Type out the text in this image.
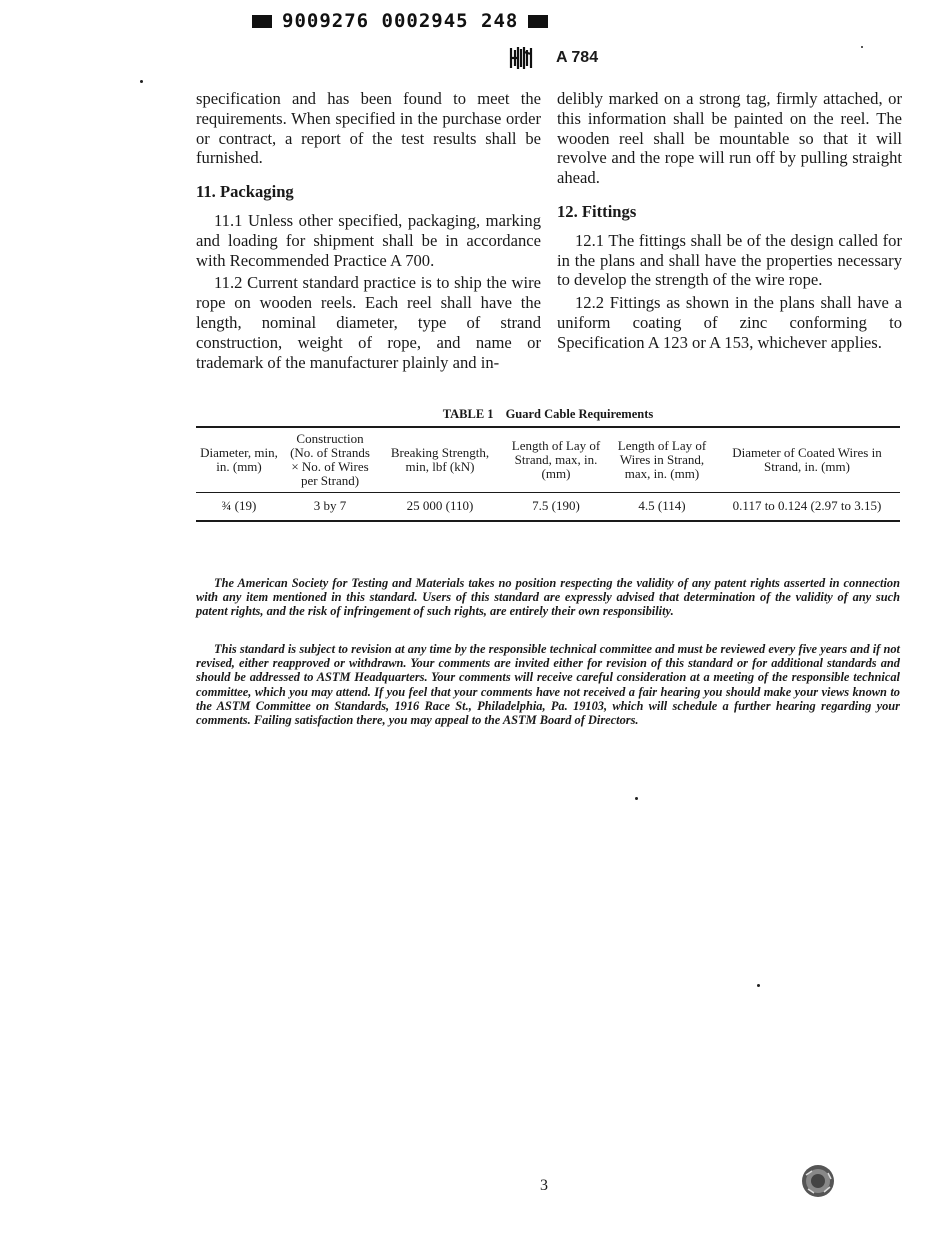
9009276 0002945 248
A 784

specification and has been found to meet the requirements. When specified in the purchase order or contract, a report of the test results shall be furnished.

11. Packaging

11.1 Unless other specified, packaging, marking and loading for shipment shall be in accordance with Recommended Practice A 700.

11.2 Current standard practice is to ship the wire rope on wooden reels. Each reel shall have the length, nominal diameter, type of strand construction, weight of rope, and name or trademark of the manufacturer plainly and in-

delibly marked on a strong tag, firmly attached, or this information shall be painted on the reel. The wooden reel shall be mountable so that it will revolve and the rope will run off by pulling straight ahead.

12. Fittings

12.1 The fittings shall be of the design called for in the plans and shall have the properties necessary to develop the strength of the wire rope.

12.2 Fittings as shown in the plans shall have a uniform coating of zinc conforming to Specification A 123 or A 153, whichever applies.

TABLE 1 Guard Cable Requirements
Diameter, min, in. (mm)	Construction (No. of Strands × No. of Wires per Strand)	Breaking Strength, min, lbf (kN)	Length of Lay of Strand, max, in. (mm)	Length of Lay of Wires in Strand, max, in. (mm)	Diameter of Coated Wires in Strand, in. (mm)
¾ (19)	3 by 7	25 000 (110)	7.5 (190)	4.5 (114)	0.117 to 0.124 (2.97 to 3.15)

The American Society for Testing and Materials takes no position respecting the validity of any patent rights asserted in connection with any item mentioned in this standard. Users of this standard are expressly advised that determination of the validity of any such patent rights, and the risk of infringement of such rights, are entirely their own responsibility.

This standard is subject to revision at any time by the responsible technical committee and must be reviewed every five years and if not revised, either reapproved or withdrawn. Your comments are invited either for revision of this standard or for additional standards and should be addressed to ASTM Headquarters. Your comments will receive careful consideration at a meeting of the responsible technical committee, which you may attend. If you feel that your comments have not received a fair hearing you should make your views known to the ASTM Committee on Standards, 1916 Race St., Philadelphia, Pa. 19103, which will schedule a further hearing regarding your comments. Failing satisfaction there, you may appeal to the ASTM Board of Directors.

3
